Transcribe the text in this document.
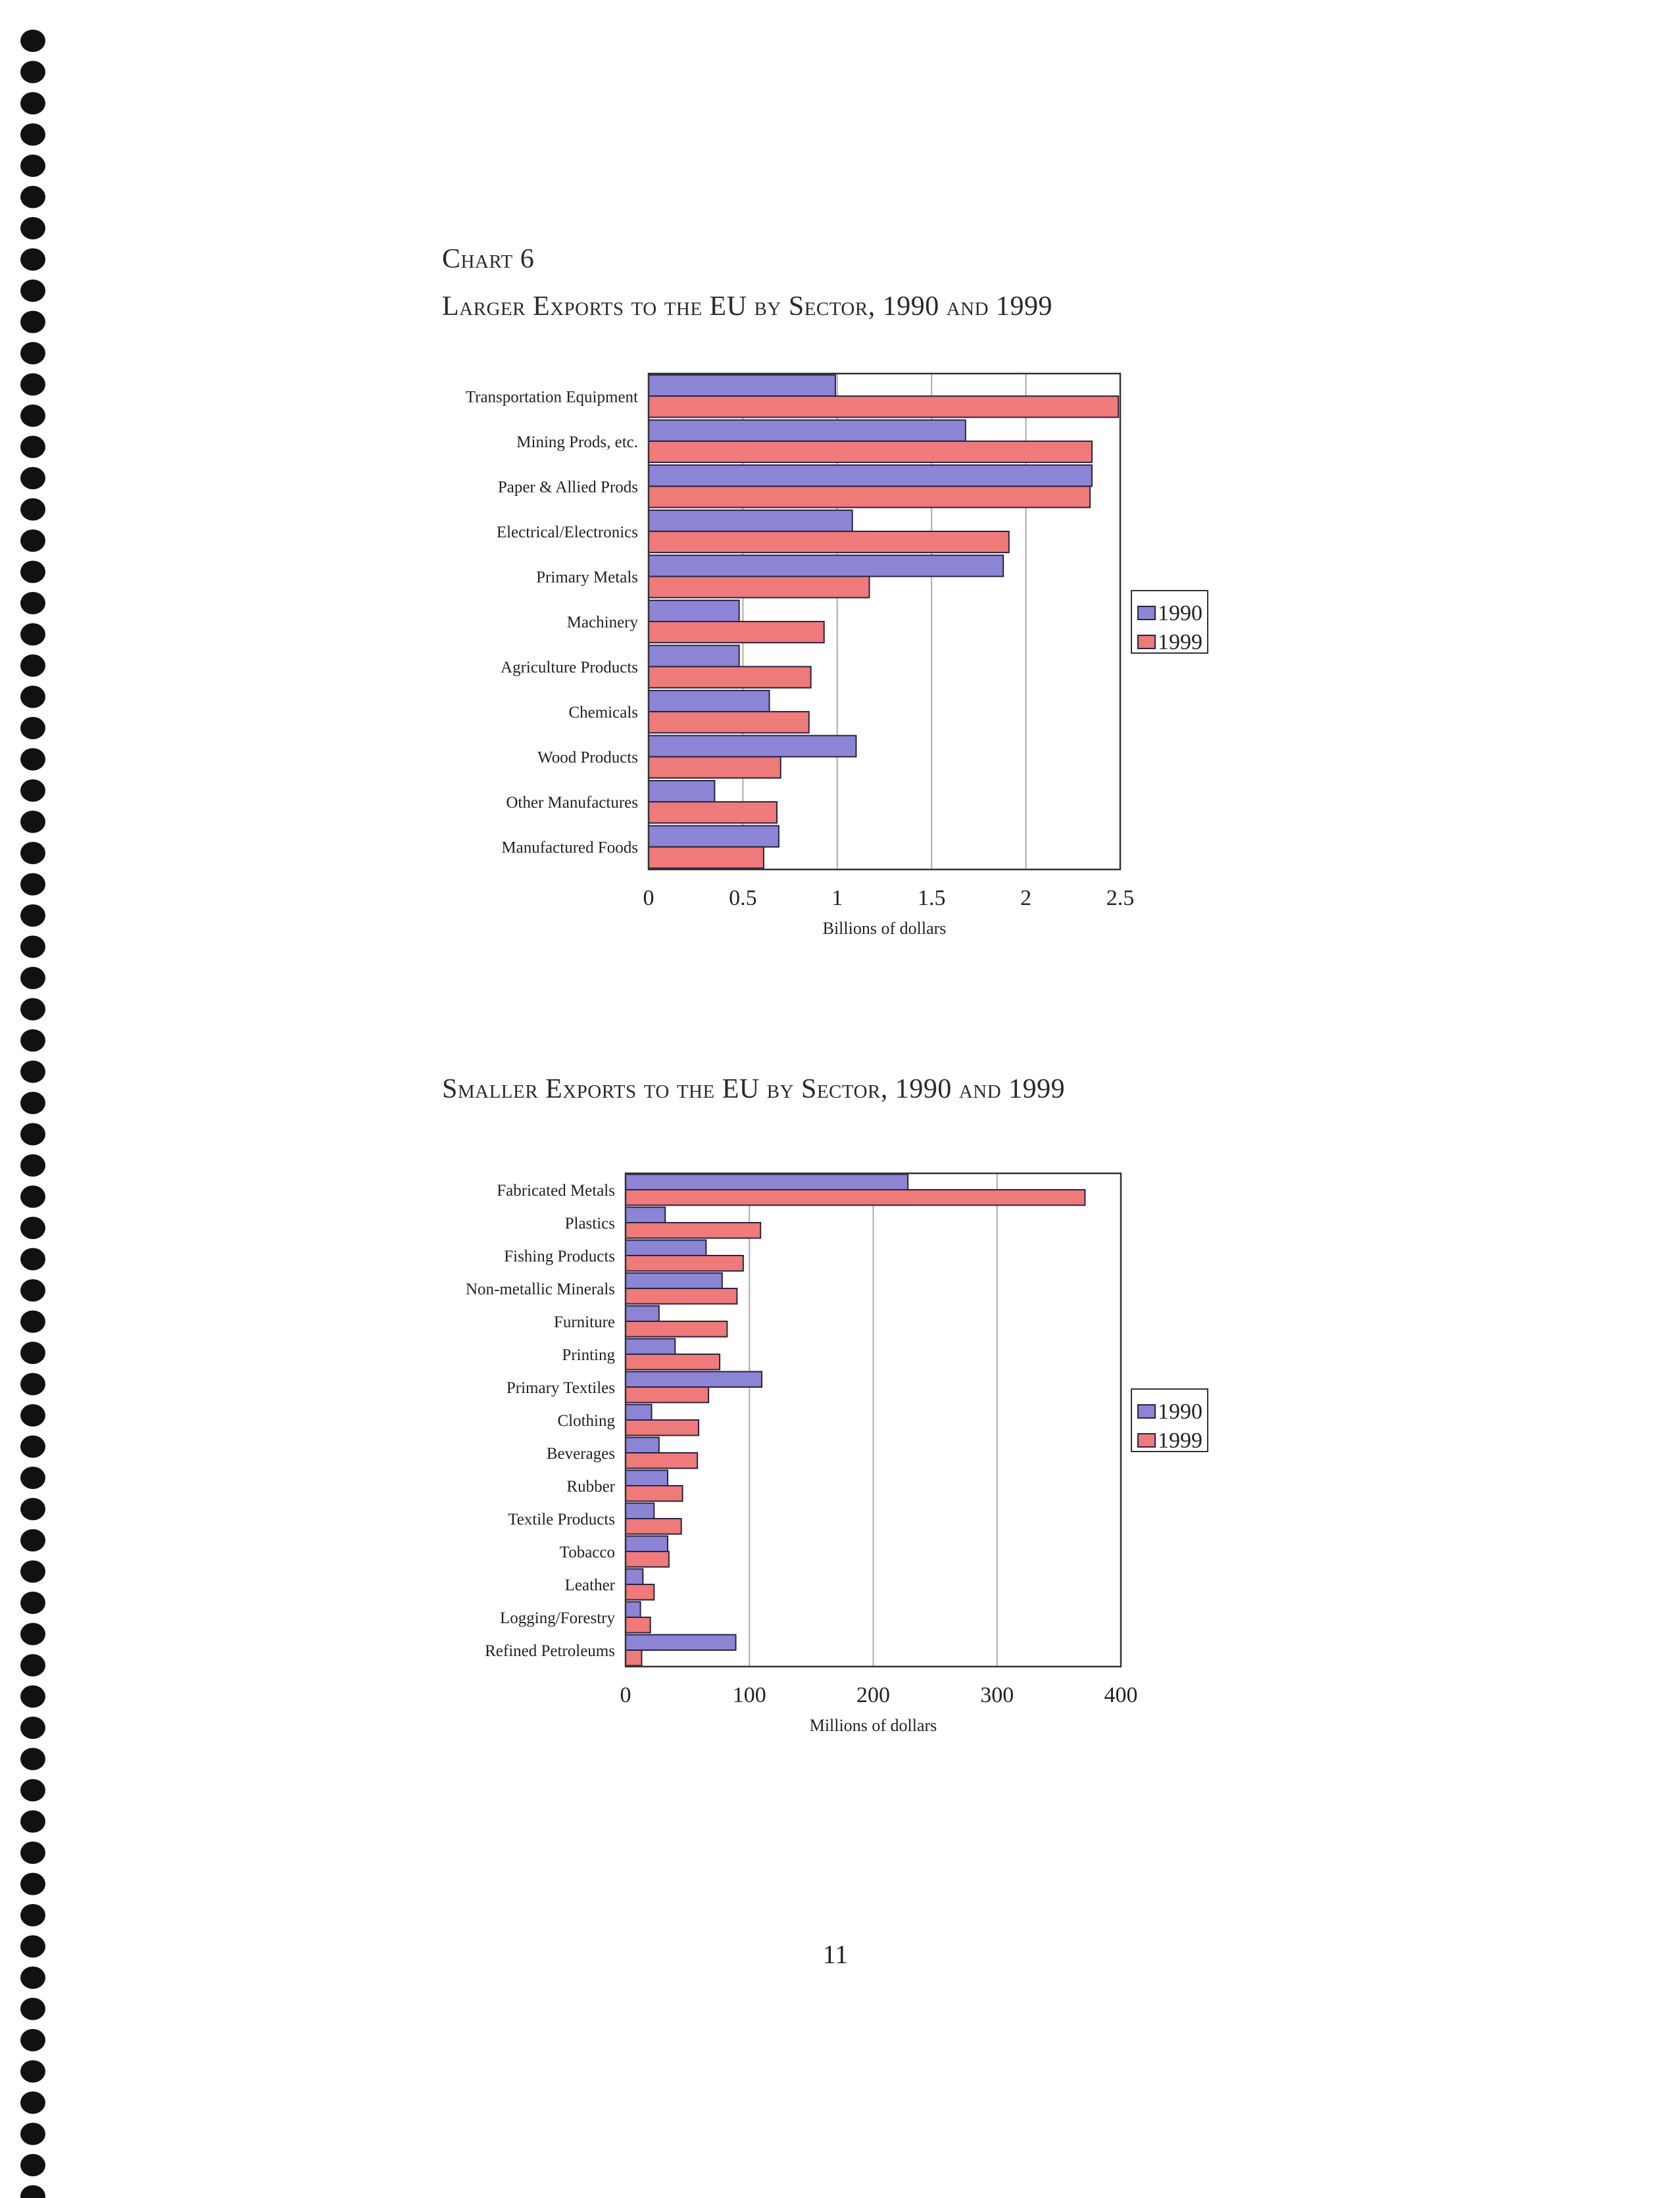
Chart 6
Larger Exports to the EU by Sector, 1990 and 1999
Smaller Exports to the EU by Sector, 1990 and 1999
Transportation Equipment
Mining Prods, etc.
Paper & Allied Prods
Electrical/Electronics
Primary Metals
Machinery
Agriculture Products
Chemicals
Wood Products
Other Manufactures
Manufactured Foods
0	0.5	1	1.5	2	2.5
Billions of dollars
1990
1999
Fabricated Metals
Plastics
Fishing Products
Non-metallic Minerals
Furniture
Printing
Primary Textiles
Clothing
Beverages
Rubber
Textile Products
Tobacco
Leather
Logging/Forestry
Refined Petroleums
0	100	200	300	400
Millions of dollars
1990
1999
11
